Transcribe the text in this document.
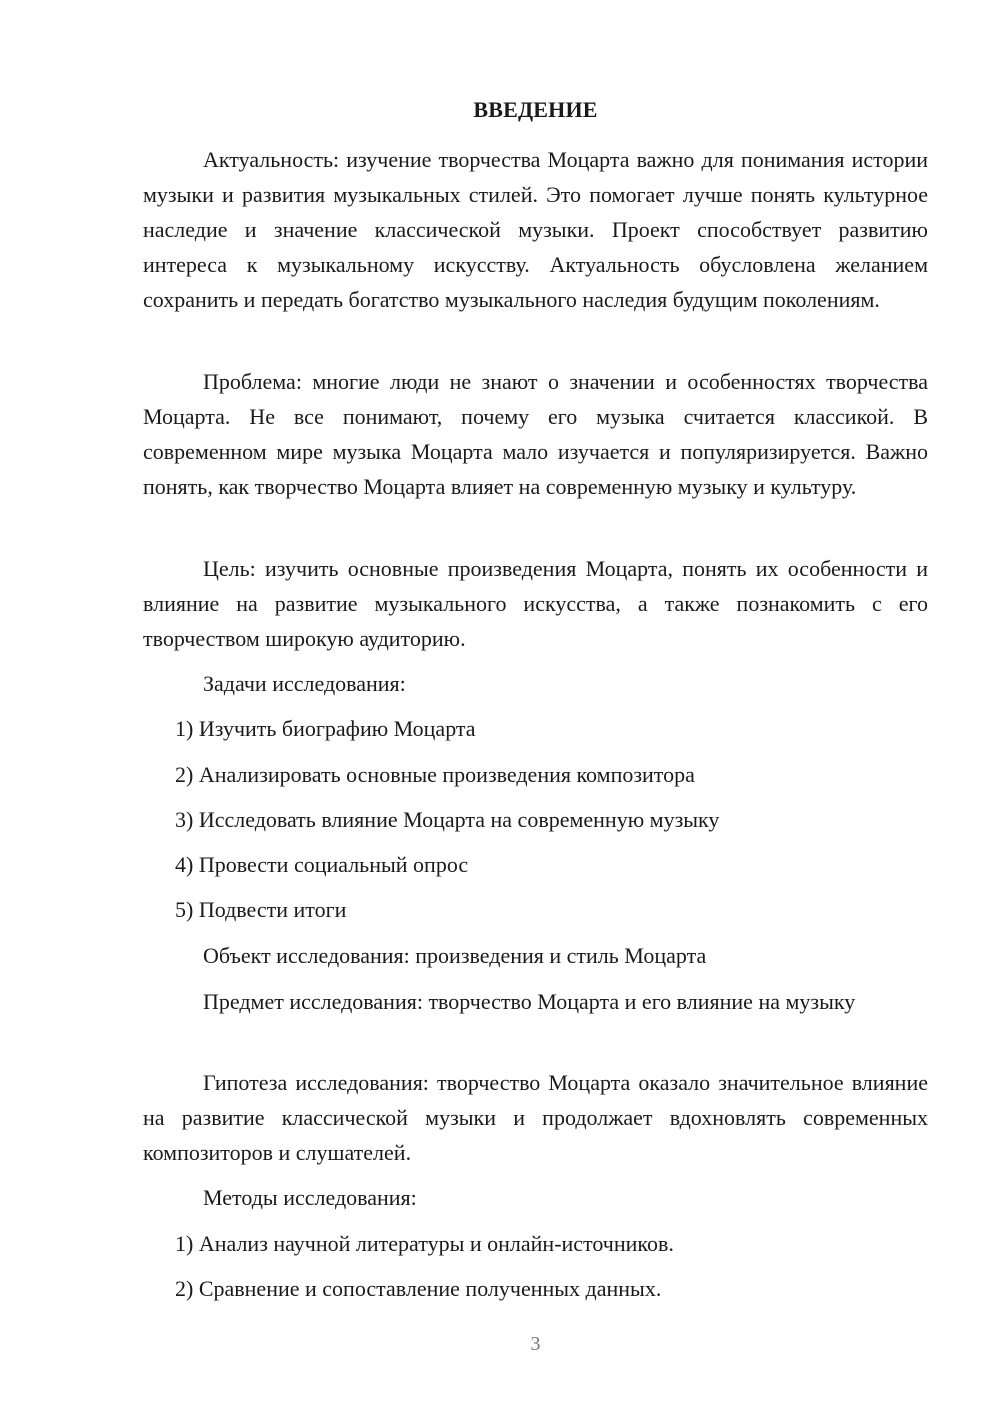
ВВЕДЕНИЕ

Актуальность: изучение творчества Моцарта важно для понимания истории музыки и развития музыкальных стилей. Это помогает лучше понять культурное наследие и значение классической музыки. Проект способствует развитию интереса к музыкальному искусству. Актуальность обусловлена желанием сохранить и передать богатство музыкального наследия будущим поколениям.

Проблема: многие люди не знают о значении и особенностях творчества Моцарта. Не все понимают, почему его музыка считается классикой. В современном мире музыка Моцарта мало изучается и популяризируется. Важно понять, как творчество Моцарта влияет на современную музыку и культуру.

Цель: изучить основные произведения Моцарта, понять их особенности и влияние на развитие музыкального искусства, а также познакомить с его творчеством широкую аудиторию.

Задачи исследования:

1) Изучить биографию Моцарта

2) Анализировать основные произведения композитора

3) Исследовать влияние Моцарта на современную музыку

4) Провести социальный опрос

5) Подвести итоги

Объект исследования: произведения и стиль Моцарта

Предмет исследования: творчество Моцарта и его влияние на музыку

Гипотеза исследования: творчество Моцарта оказало значительное влияние на развитие классической музыки и продолжает вдохновлять современных композиторов и слушателей.

Методы исследования:

1) Анализ научной литературы и онлайн-источников.

2) Сравнение и сопоставление полученных данных.

3
